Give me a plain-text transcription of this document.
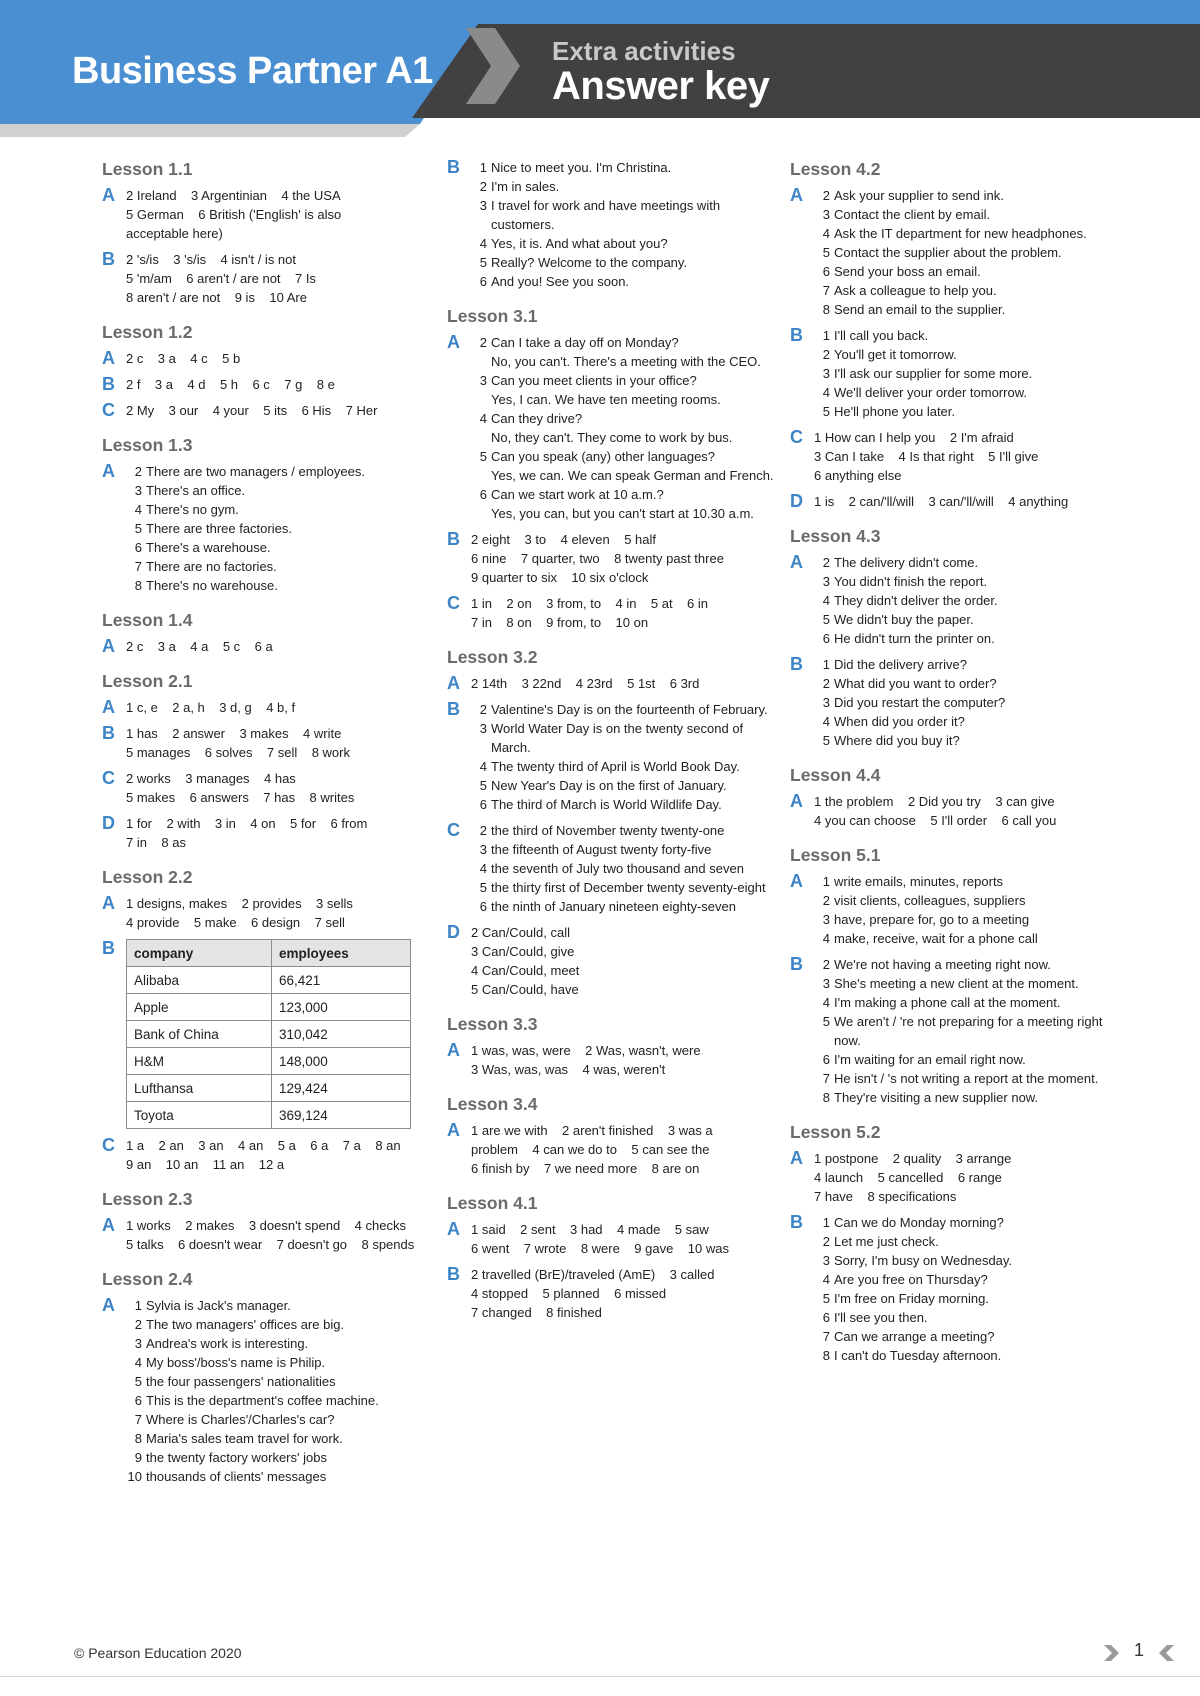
Business Partner A1	Extra activities
Answer key
Lesson 1.1
A 2 Ireland    3 Argentinian    4 the USA
5 German    6 British ('English' is also
acceptable here)
B 2 's/is    3 's/is    4 isn't / is not
5 'm/am    6 aren't / are not    7 Is
8 aren't / are not    9 is    10 Are
Lesson 1.2
A 2 c    3 a    4 c    5 b
B 2 f    3 a    4 d    5 h    6 c    7 g    8 e
C 2 My    3 our    4 your    5 its    6 His    7 Her
Lesson 1.3
A	2 There are two managers / employees.
3 There's an office.
4 There's no gym.
5 There are three factories.
6 There's a warehouse.
7 There are no factories.
8 There's no warehouse.
Lesson 1.4
A 2 c    3 a    4 a    5 c    6 a
Lesson 2.1
A 1 c, e    2 a, h    3 d, g    4 b, f
B 1 has    2 answer    3 makes    4 write
5 manages    6 solves    7 sell    8 work
C 2 works    3 manages    4 has
5 makes    6 answers    7 has    8 writes
D 1 for    2 with    3 in    4 on    5 for    6 from
7 in    8 as
Lesson 2.2
A 1 designs, makes    2 provides    3 sells
4 provide    5 make    6 design    7 sell
B company	employees
Alibaba	66,421
Apple	123,000
Bank of China	310,042
H&M	148,000
Lufthansa	129,424
Toyota	369,124
C 1 a    2 an    3 an    4 an    5 a    6 a    7 a    8 an
9 an    10 an    11 an    12 a
Lesson 2.3
A 1 works    2 makes    3 doesn't spend    4 checks
5 talks    6 doesn't wear    7 doesn't go    8 spends
Lesson 2.4
A	1 Sylvia is Jack's manager.
2 The two managers' offices are big.
3 Andrea's work is interesting.
4 My boss'/boss's name is Philip.
5 the four passengers' nationalities
6 This is the department's coffee machine.
7 Where is Charles'/Charles's car?
8 Maria's sales team travel for work.
9 the twenty factory workers' jobs
10 thousands of clients' messages
B	1 Nice to meet you. I'm Christina.
2 I'm in sales.
3 I travel for work and have meetings with customers.
4 Yes, it is. And what about you?
5 Really? Welcome to the company.
6 And you! See you soon.
Lesson 3.1
A	2 Can I take a day off on Monday?
No, you can't. There's a meeting with the CEO.
3 Can you meet clients in your office?
Yes, I can. We have ten meeting rooms.
4 Can they drive?
No, they can't. They come to work by bus.
5 Can you speak (any) other languages?
Yes, we can. We can speak German and French.
6 Can we start work at 10 a.m.?
Yes, you can, but you can't start at 10.30 a.m.
B 2 eight    3 to    4 eleven    5 half
6 nine    7 quarter, two    8 twenty past three
9 quarter to six    10 six o'clock
C 1 in    2 on    3 from, to    4 in    5 at    6 in
7 in    8 on    9 from, to    10 on
Lesson 3.2
A 2 14th    3 22nd    4 23rd    5 1st    6 3rd
B	2 Valentine's Day is on the fourteenth of February.
3 World Water Day is on the twenty second of March.
4 The twenty third of April is World Book Day.
5 New Year's Day is on the first of January.
6 The third of March is World Wildlife Day.
C	2 the third of November twenty twenty-one
3 the fifteenth of August twenty forty-five
4 the seventh of July two thousand and seven
5 the thirty first of December twenty seventy-eight
6 the ninth of January nineteen eighty-seven
D 2 Can/Could, call
3 Can/Could, give
4 Can/Could, meet
5 Can/Could, have
Lesson 3.3
A 1 was, was, were    2 Was, wasn't, were
3 Was, was, was    4 was, weren't
Lesson 3.4
A 1 are we with    2 aren't finished    3 was a
problem    4 can we do to    5 can see the
6 finish by    7 we need more    8 are on
Lesson 4.1
A 1 said    2 sent    3 had    4 made    5 saw
6 went    7 wrote    8 were    9 gave    10 was
B 2 travelled (BrE)/traveled (AmE)    3 called
4 stopped    5 planned    6 missed
7 changed    8 finished
Lesson 4.2
A	2 Ask your supplier to send ink.
3 Contact the client by email.
4 Ask the IT department for new headphones.
5 Contact the supplier about the problem.
6 Send your boss an email.
7 Ask a colleague to help you.
8 Send an email to the supplier.
B	1 I'll call you back.
2 You'll get it tomorrow.
3 I'll ask our supplier for some more.
4 We'll deliver your order tomorrow.
5 He'll phone you later.
C 1 How can I help you    2 I'm afraid
3 Can I take    4 Is that right    5 I'll give
6 anything else
D 1 is    2 can/'ll/will    3 can/'ll/will    4 anything
Lesson 4.3
A	2 The delivery didn't come.
3 You didn't finish the report.
4 They didn't deliver the order.
5 We didn't buy the paper.
6 He didn't turn the printer on.
B	1 Did the delivery arrive?
2 What did you want to order?
3 Did you restart the computer?
4 When did you order it?
5 Where did you buy it?
Lesson 4.4
A 1 the problem    2 Did you try    3 can give
4 you can choose    5 I'll order    6 call you
Lesson 5.1
A	1 write emails, minutes, reports
2 visit clients, colleagues, suppliers
3 have, prepare for, go to a meeting
4 make, receive, wait for a phone call
B	2 We're not having a meeting right now.
3 She's meeting a new client at the moment.
4 I'm making a phone call at the moment.
5 We aren't / 're not preparing for a meeting right now.
6 I'm waiting for an email right now.
7 He isn't / 's not writing a report at the moment.
8 They're visiting a new supplier now.
Lesson 5.2
A 1 postpone    2 quality    3 arrange
4 launch    5 cancelled    6 range
7 have    8 specifications
B	1 Can we do Monday morning?
2 Let me just check.
3 Sorry, I'm busy on Wednesday.
4 Are you free on Thursday?
5 I'm free on Friday morning.
6 I'll see you then.
7 Can we arrange a meeting?
8 I can't do Tuesday afternoon.
© Pearson Education 2020	1
